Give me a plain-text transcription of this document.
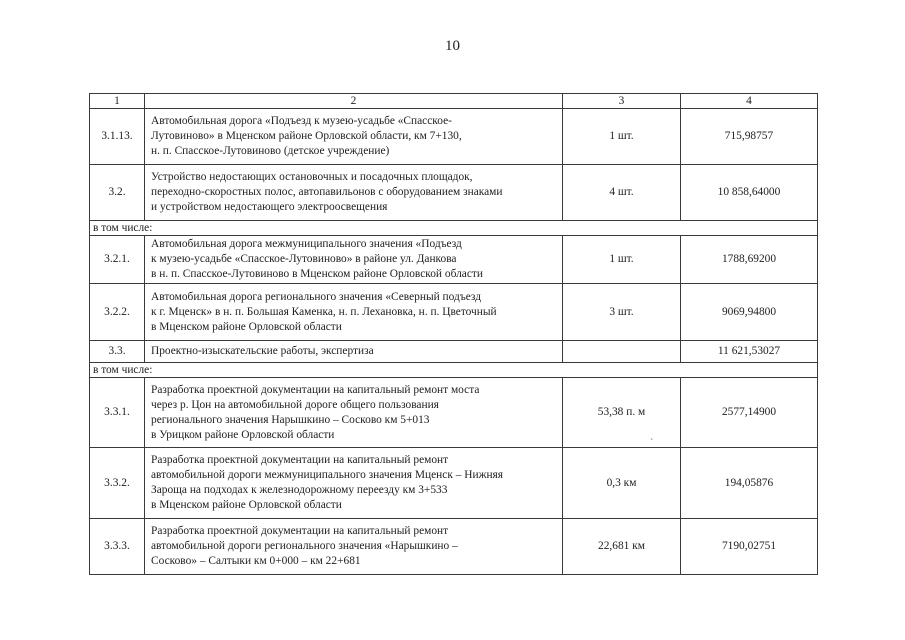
10
1	2	3	4
3.1.13.	Автомобильная дорога «Подъезд к музею-усадьбе «Спасское-
Лутовиново» в Мценском районе Орловской области, км 7+130,
н. п. Спасское-Лутовиново (детское учреждение)	1 шт.	715,98757
3.2.	Устройство недостающих остановочных и посадочных площадок,
переходно-скоростных полос, автопавильонов с оборудованием знаками
и устройством недостающего электроосвещения	4 шт.	10 858,64000
в том числе:			
3.2.1.	Автомобильная дорога межмуниципального значения «Подъезд
к музею-усадьбе «Спасское-Лутовиново» в районе ул. Данкова
в н. п. Спасское-Лутовиново в Мценском районе Орловской области	1 шт.	1788,69200
3.2.2.	Автомобильная дорога регионального значения «Северный подъезд
к г. Мценск» в н. п. Большая Каменка, н. п. Лехановка, н. п. Цветочный
в Мценском районе Орловской области	3 шт.	9069,94800
3.3.	Проектно-изыскательские работы, экспертиза		11 621,53027
в том числе:			
3.3.1.	Разработка проектной документации на капитальный ремонт моста
через р. Цон на автомобильной дороге общего пользования
регионального значения Нарышкино – Сосково км 5+013
в Урицком районе Орловской области	53,38 п. м	2577,14900
3.3.2.	Разработка проектной документации на капитальный ремонт
автомобильной дороги межмуниципального значения Мценск – Нижняя
Зароща на подходах к железнодорожному переезду км 3+533
в Мценском районе Орловской области	0,3 км	194,05876
3.3.3.	Разработка проектной документации на капитальный ремонт
автомобильной дороги регионального значения «Нарышкино –
Сосково» – Салтыки км 0+000 – км 22+681	22,681 км	7190,02751
`
